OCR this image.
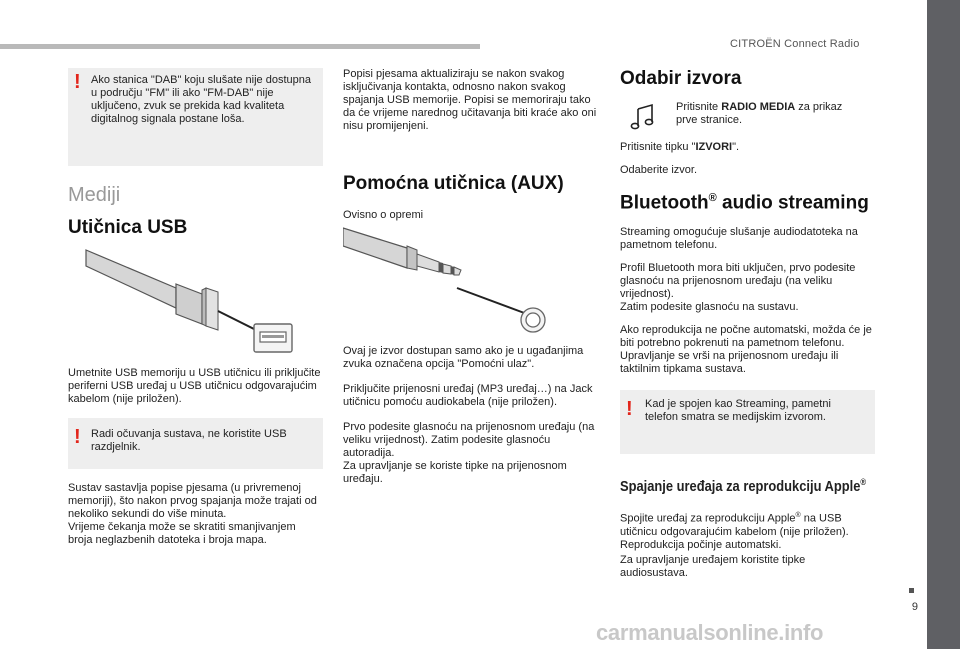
CITROËN Connect Radio
9
! Ako stanica "DAB" koju slušate nije dostupna u području "FM" ili ako "FM-DAB" nije uključeno, zvuk se prekida kad kvaliteta digitalnog signala postane loša.
Mediji
Utičnica USB

Umetnite USB memoriju u USB utičnicu ili priključite periferni USB uređaj u USB utičnicu odgovarajućim kabelom (nije priložen).

! Radi očuvanja sustava, ne koristite USB razdjelnik.

Sustav sastavlja popise pjesama (u privremenoj memoriji), što nakon prvog spajanja može trajati od nekoliko sekundi do više minuta.
Vrijeme čekanja može se skratiti smanjivanjem broja neglazbenih datoteka i broja mapa.

Popisi pjesama aktualiziraju se nakon svakog isključivanja kontakta, odnosno nakon svakog spajanja USB memorije. Popisi se memoriraju tako da će vrijeme narednog učitavanja biti kraće ako oni nisu promijenjeni.

Pomoćna utičnica (AUX)

Ovisno o opremi

Ovaj je izvor dostupan samo ako je u ugađanjima zvuka označena opcija "Pomoćni ulaz".

Priključite prijenosni uređaj (MP3 uređaj…) na Jack utičnicu pomoću audiokabela (nije priložen).

Prvo podesite glasnoću na prijenosnom uređaju (na veliku vrijednost). Zatim podesite glasnoću autoradija.
Za upravljanje se koriste tipke na prijenosnom uređaju.

Odabir izvora

Pritisnite RADIO MEDIA za prikaz prve stranice.

Pritisnite tipku "IZVORI".

Odaberite izvor.

Bluetooth® audio streaming

Streaming omogućuje slušanje audiodatoteka na pametnom telefonu.

Profil Bluetooth mora biti uključen, prvo podesite glasnoću na prijenosnom uređaju (na veliku vrijednost).
Zatim podesite glasnoću na sustavu.

Ako reprodukcija ne počne automatski, možda će je biti potrebno pokrenuti na pametnom telefonu.
Upravljanje se vrši na prijenosnom uređaju ili taktilnim tipkama sustava.

! Kad je spojen kao Streaming, pametni telefon smatra se medijskim izvorom.
Spajanje uređaja za reprodukciju Apple®

Spojite uređaj za reprodukciju Apple® na USB utičnicu odgovarajućim kabelom (nije priložen).
Reprodukcija počinje automatski.

Za upravljanje uređajem koristite tipke audiosustava.

carmanualsonline.info
